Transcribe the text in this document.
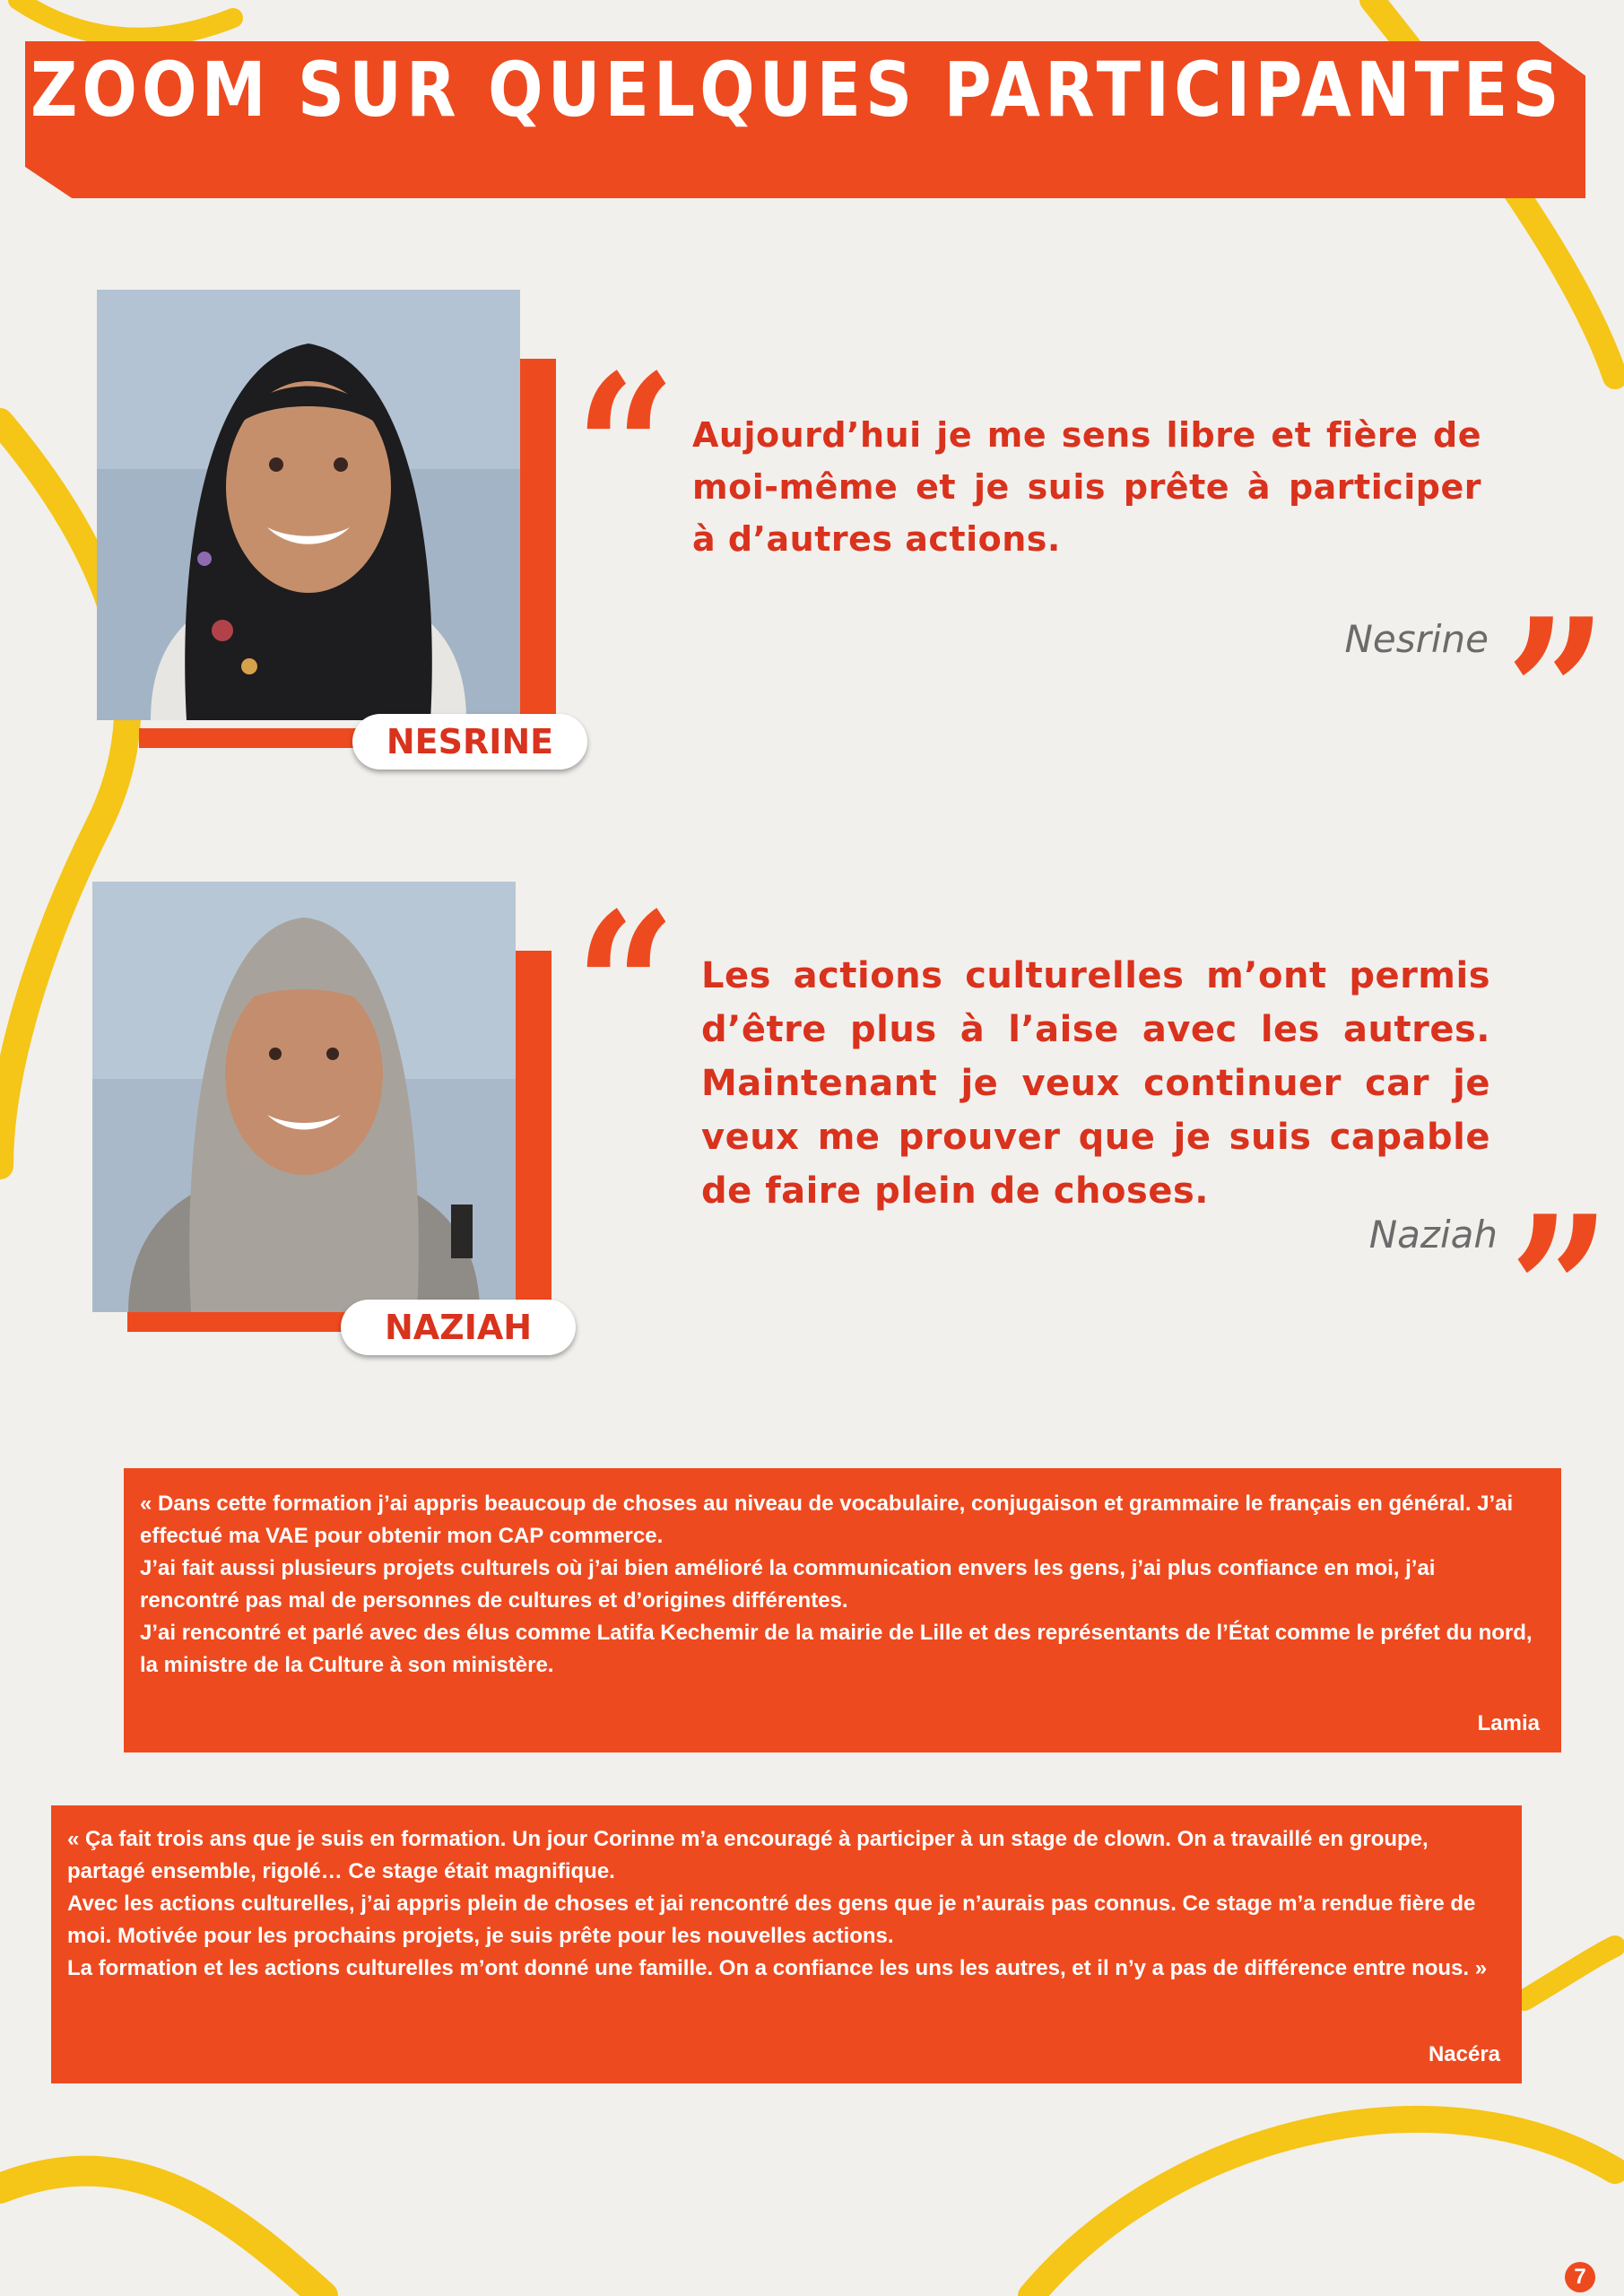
ZOOM SUR QUELQUES PARTICIPANTES
NESRINE
“ Aujourd’hui je me sens libre et fière de moi-même et je suis prête à participer à d’autres actions.
Nesrine ”
NAZIAH
“ Les actions culturelles m’ont permis d’être plus à l’aise avec les autres. Maintenant je veux continuer car je veux me prouver que je suis capable de faire plein de choses.
Naziah ”

« Dans cette formation j’ai appris beaucoup de choses au niveau de vocabulaire, conjugaison et grammaire le français en général. J’ai effectué ma VAE pour obtenir mon CAP commerce.

J’ai fait aussi plusieurs projets culturels où j’ai bien amélioré la communication envers les gens, j’ai plus confiance en moi, j’ai rencontré pas mal de personnes de cultures et d’origines différentes.

J’ai rencontré et parlé avec des élus comme Latifa Kechemir de la mairie de Lille et des représentants de l’État comme le préfet du nord, la ministre de la Culture à son ministère.

Lamia

« Ça fait trois ans que je suis en formation. Un jour Corinne m’a encouragé à participer à un stage de clown. On a travaillé en groupe, partagé ensemble, rigolé… Ce stage était magnifique.

Avec les actions culturelles, j’ai appris plein de choses et jai rencontré des gens que je n’aurais pas connus. Ce stage m’a rendue fière de moi. Motivée pour les prochains projets, je suis prête pour les nouvelles actions.

La formation et les actions culturelles m’ont donné une famille. On a confiance les uns les autres, et il n’y a pas de différence entre nous. »

Nacéra
7
